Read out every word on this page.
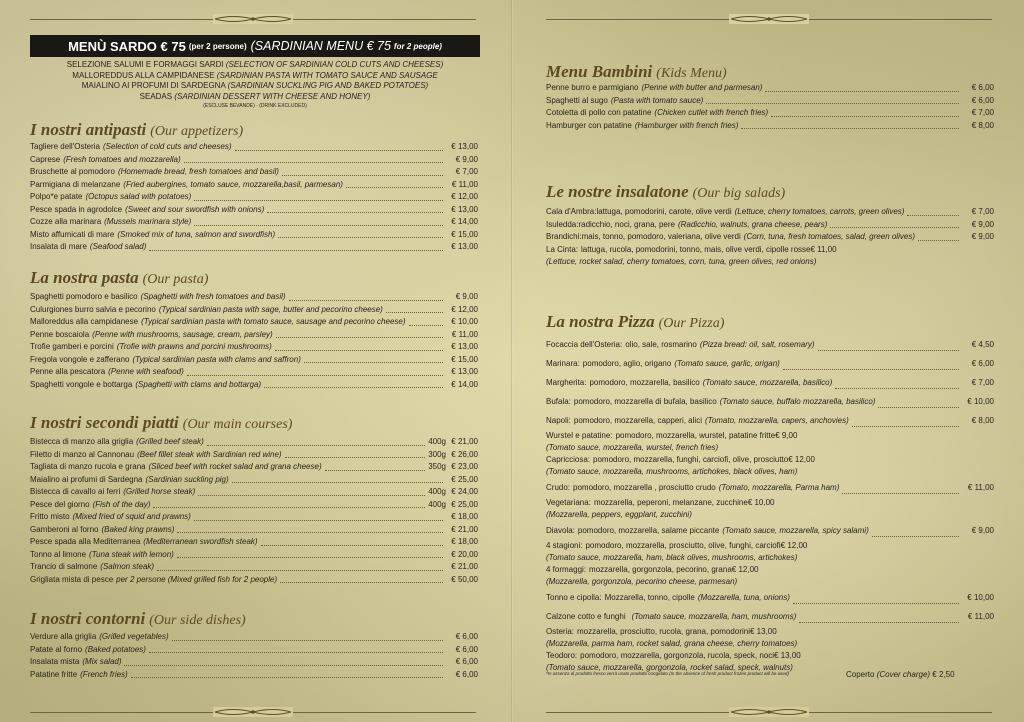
MENÙ SARDO € 75 (per 2 persone) (SARDINIAN MENU € 75 for 2 people)
SELEZIONE SALUMI E FORMAGGI SARDI (SELECTION OF SARDINIAN COLD CUTS AND CHEESES)
MALLOREDDUS ALLA CAMPIDANESE (SARDINIAN PASTA WITH TOMATO SAUCE AND SAUSAGE
MAIALINO AI PROFUMI DI SARDEGNA (SARDINIAN SUCKLING PIG AND BAKED POTATOES)
SEADAS (SARDINIAN DESSERT WITH CHEESE AND HONEY)
(ESCLUSE BEVANDE) · (DRINK EXCLUDED)
I nostri antipasti (Our appetizers)
Tagliere dell'Osteria (Selection of cold cuts and cheeses)	€ 13,00
Caprese (Fresh tomatoes and mozzarella)	€ 9,00
Bruschette al pomodoro (Homemade bread, fresh tomatoes and basil)	€ 7,00
Parmigiana di melanzane (Fried aubergines, tomato sauce, mozzarella,basil, parmesan)	€ 11,00
Polpo*e patate (Octopus salad with potatoes)	€ 12,00
Pesce spada in agrodolce (Sweet and sour swordfish with onions)	€ 13,00
Cozze alla marinara (Mussels marinara style)	€ 14,00
Misto affumicati di mare (Smoked mix of tuna, salmon and swordfish)	€ 15,00
Insalata di mare (Seafood salad)	€ 13,00
La nostra pasta (Our pasta)
Spaghetti pomodoro e basilico (Spaghetti with fresh tomatoes and basil)	€ 9,00
Culurgiones burro salvia e pecorino (Typical sardinian pasta with sage, butter and pecorino cheese)	€ 12,00
Malloreddus alla campidanese (Typical sardinian pasta with tomato sauce, sausage and pecorino cheese)	€ 10,00
Penne boscaiola (Penne with mushrooms, sausage, cream, parsley)	€ 11,00
Trofie gamberi e porcini (Trofie with prawns and porcini mushrooms)	€ 13,00
Fregola vongole e zafferano (Typical sardinian pasta with clams and saffron)	€ 15,00
Penne alla pescatora (Penne with seafood)	€ 13,00
Spaghetti vongole e bottarga (Spaghetti with clams and bottarga)	€ 14,00
I nostri secondi piatti (Our main courses)
Bistecca di manzo alla griglia (Grilled beef steak)	400g € 21,00
Filetto di manzo al Cannonau (Beef fillet steak with Sardinian red wine)	300g € 26,00
Tagliata di manzo rucola e grana (Sliced beef with rocket salad and grana cheese)	350g € 23,00
Maialino ai profumi di Sardegna (Sardinian suckling pig)	€ 25,00
Bistecca di cavallo ai ferri (Grilled horse steak)	400g € 24,00
Pesce del giorno (Fish of the day)	400g € 25,00
Fritto misto (Mixed fried of squid and prawns)	€ 18,00
Gamberoni al forno (Baked king prawns)	€ 21,00
Pesce spada alla Mediterranea (Mediterranean swordfish steak)	€ 18,00
Tonno al limone (Tuna steak with lemon)	€ 20,00
Trancio di salmone (Salmon steak)	€ 21,00
Grigliata mista di pesce per 2 persone (Mixed grilled fish for 2 people)	€ 50,00
I nostri contorni (Our side dishes)
Verdure alla griglia (Grilled vegetables)	€ 6,00
Patate al forno (Baked potatoes)	€ 6,00
Insalata mista (Mix salad)	€ 6,00
Patatine fritte (French fries)	€ 6,00
Menu Bambini (Kids Menu)
Penne burro e parmigiano (Penne with butter and parmesan)	€ 6,00
Spaghetti al sugo (Pasta with tomato sauce)	€ 6,00
Cotoletta di pollo con patatine (Chicken cutlet with french fries)	€ 7,00
Hamburger con patatine (Hamburger with french fries)	€ 8,00
Le nostre insalatone (Our big salads)
Cala d'Ambra: lattuga, pomodorini, carote, olive verdi (Lettuce, cherry tomatoes, carrots, green olives)	€ 7,00
Isuledda: radicchio, noci, grana, pere (Radicchio, walnuts, grana cheese, pears)	€ 9,00
Brandichi: mais, tonno, pomodoro, valeriana, olive verdi (Corn, tuna, fresh tomatoes, salad, green olives)	€ 9,00
La Cinta: lattuga, rucola, pomodorini, tonno, mais, olive verdi, cipolle rosse € 11,00
(Lettuce, rocket salad, cherry tomatoes, corn, tuna, green olives, red onions)
La nostra Pizza (Our Pizza)
Focaccia dell'Osteria: olio, sale, rosmarino (Pizza bread: oil, salt, rosemary)	€ 4,50
Marinara: pomodoro, aglio, origano (Tomato sauce, garlic, origan)	€ 6,00
Margherita: pomodoro, mozzarella, basilico (Tomato sauce, mozzarella, basilico)	€ 7,00
Bufala: pomodoro, mozzarella di bufala, basilico (Tomato sauce, buffalo mozzarella, basilico)	€ 10,00
Napoli: pomodoro, mozzarella, capperi, alici (Tomato, mozzarella, capers, anchovies)	€ 8,00
Wurstel e patatine: pomodoro, mozzarella, wurstel, patatine fritte € 9,00
(Tomato sauce, mozzarella, wurstel, french fries)
Capricciosa: pomodoro, mozzarella, funghi, carciofi, olive, prosciutto € 12,00
(Tomato sauce, mozzarella, mushrooms, artichokes, black olives, ham)
Crudo: pomodoro, mozzarella , prosciutto crudo (Tomato, mozzarella, Parma ham)	€ 11,00
Vegetariana: mozzarella, peperoni, melanzane, zucchine € 10,00
(Mozzarella, peppers, eggplant, zucchini)
Diavola: pomodoro, mozzarella, salame piccante (Tomato sauce, mozzarella, spicy salami)	€ 9,00
4 stagioni: pomodoro, mozzarella, prosciutto, olive, funghi, carciofi € 12,00
(Tomato sauce, mozzarella, ham, black olives, mushrooms, artichokes)
4 formaggi: mozzarella, gorgonzola, pecorino, grana € 12,00
(Mozzarella, gorgonzola, pecorino cheese, parmesan)
Tonno e cipolla: Mozzarella, tonno, cipolle (Mozzarella, tuna, onions)	€ 10,00
Calzone cotto e funghi (Tomato sauce, mozzarella, ham, mushrooms)	€ 11,00
Osteria: mozzarella, prosciutto, rucola, grana, pomodorini € 13,00
(Mozzarella, parma ham, rocket salad, grana cheese, cherry tomatoes)
Teodoro: pomodoro, mozzarella, gorgonzola, rucola, speck, noci € 13,00
(Tomato sauce, mozzarella, gorgonzola, rocket salad, speck, walnuts)
*In assenza di prodotto fresco verrà usato prodotto congelato (In the absence of fresh product frozen product will be used)	Coperto (Cover charge) € 2,50
